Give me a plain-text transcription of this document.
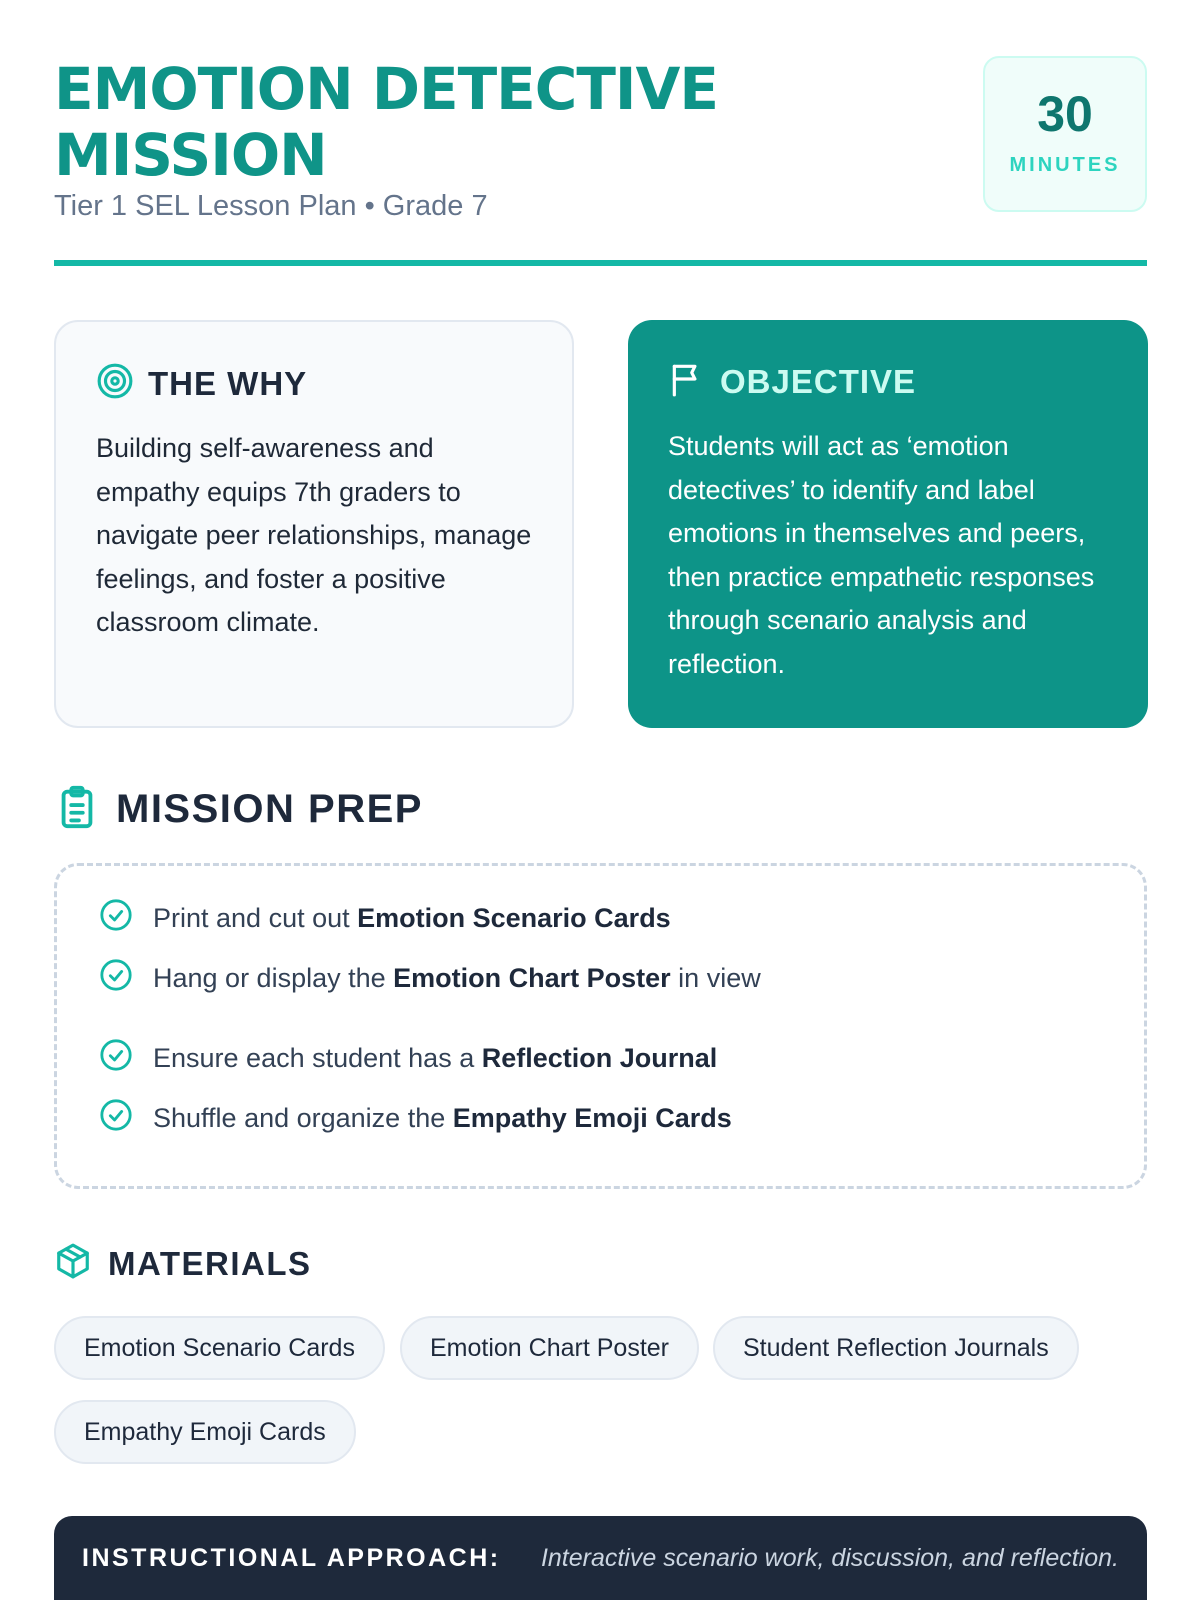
EMOTION DETECTIVE MISSION
Tier 1 SEL Lesson Plan • Grade 7
30
MINUTES
THE WHY

Building self-awareness and empathy equips 7th graders to navigate peer relationships, manage feelings, and foster a positive classroom climate.

OBJECTIVE

Students will act as ‘emotion detectives’ to identify and label emotions in themselves and peers, then practice empathetic responses through scenario analysis and reflection.

MISSION PREP
Print and cut out Emotion Scenario Cards
Hang or display the Emotion Chart Poster in view
Ensure each student has a Reflection Journal
Shuffle and organize the Empathy Emoji Cards
MATERIALS
Emotion Scenario Cards	Emotion Chart Poster	Student Reflection Journals
Empathy Emoji Cards
INSTRUCTIONAL APPROACH: Interactive scenario work, discussion, and reflection.
